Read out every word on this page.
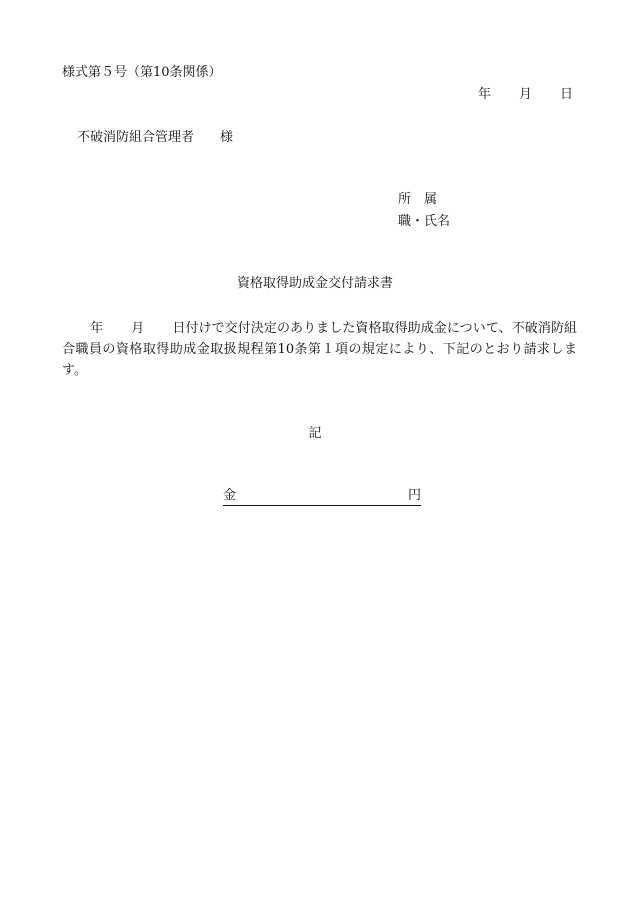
様式第５号（第10条関係）
年 月 日
不破消防組合管理者 様
所　属
職・氏名
資格取得助成金交付請求書
年 月 日付けで交付決定のありました資格取得助成金について、不破消防組合職員の資格取得助成金取扱規程第10条第１項の規定により、下記のとおり請求します。
記
金	円
